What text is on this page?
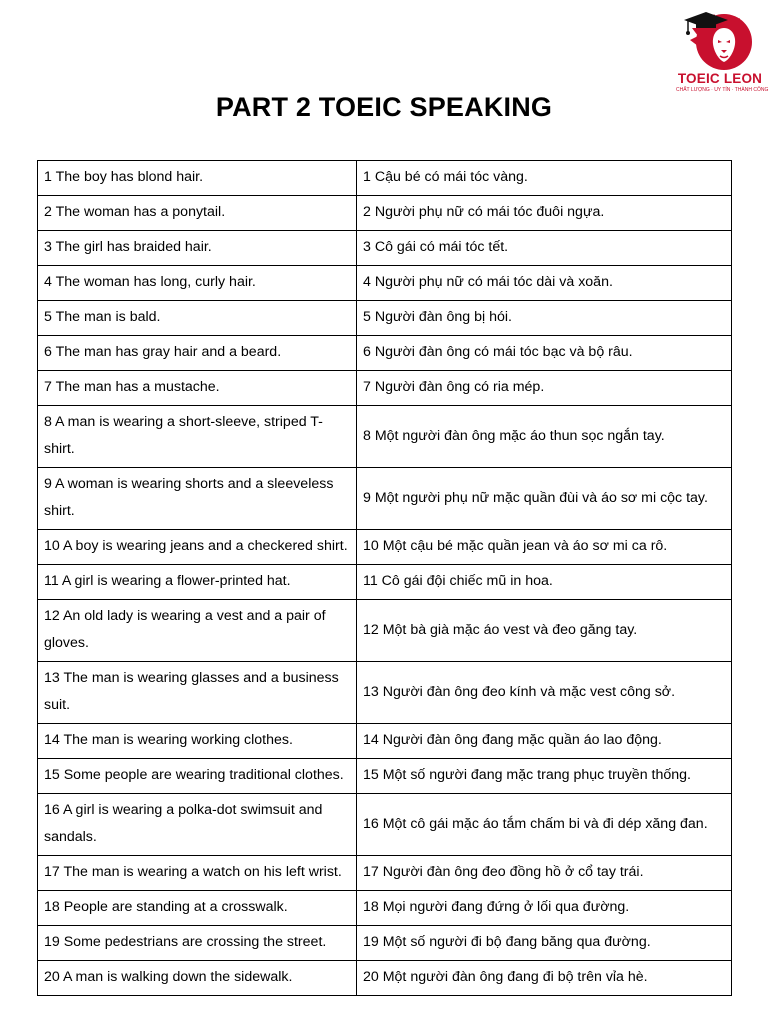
TOEIC LEON
CHẤT LƯỢNG · UY TÍN · THÀNH CÔNG
PART 2 TOEIC SPEAKING
1 The boy has blond hair.	1 Cậu bé có mái tóc vàng.
2 The woman has a ponytail.	2 Người phụ nữ có mái tóc đuôi ngựa.
3 The girl has braided hair.	3 Cô gái có mái tóc tết.
4 The woman has long, curly hair.	4 Người phụ nữ có mái tóc dài và xoăn.
5 The man is bald.	5 Người đàn ông bị hói.
6 The man has gray hair and a beard.	6 Người đàn ông có mái tóc bạc và bộ râu.
7 The man has a mustache.	7 Người đàn ông có ria mép.
8 A man is wearing a short-sleeve, striped T-shirt.	8 Một người đàn ông mặc áo thun sọc ngắn tay.
9 A woman is wearing shorts and a sleeveless shirt.	9 Một người phụ nữ mặc quần đùi và áo sơ mi cộc tay.
10 A boy is wearing jeans and a checkered shirt.	10 Một cậu bé mặc quần jean và áo sơ mi ca rô.
11 A girl is wearing a flower-printed hat.	11 Cô gái đội chiếc mũ in hoa.
12 An old lady is wearing a vest and a pair of gloves.	12 Một bà già mặc áo vest và đeo găng tay.
13 The man is wearing glasses and a business suit.	13 Người đàn ông đeo kính và mặc vest công sở.
14 The man is wearing working clothes.	14 Người đàn ông đang mặc quần áo lao động.
15 Some people are wearing traditional clothes.	15 Một số người đang mặc trang phục truyền thống.
16 A girl is wearing a polka-dot swimsuit and sandals.	16 Một cô gái mặc áo tắm chấm bi và đi dép xăng đan.
17 The man is wearing a watch on his left wrist.	17 Người đàn ông đeo đồng hồ ở cổ tay trái.
18 People are standing at a crosswalk.	18 Mọi người đang đứng ở lối qua đường.
19 Some pedestrians are crossing the street.	19 Một số người đi bộ đang băng qua đường.
20 A man is walking down the sidewalk.	20 Một người đàn ông đang đi bộ trên vỉa hè.
